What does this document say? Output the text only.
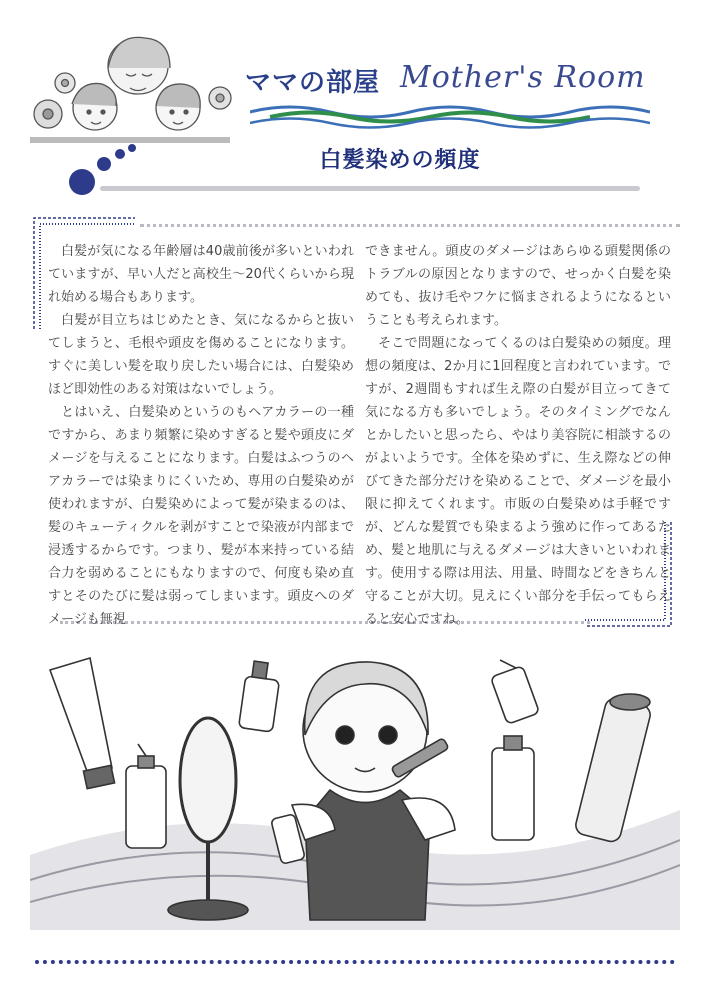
ママの部屋 Mother's Room
白髪染めの頻度

白髪が気になる年齢層は40歳前後が多いといわれていますが、早い人だと高校生～20代くらいから現れ始める場合もあります。

白髪が目立ちはじめたとき、気になるからと抜いてしまうと、毛根や頭皮を傷めることになります。すぐに美しい髪を取り戻したい場合には、白髪染めほど即効性のある対策はないでしょう。

とはいえ、白髪染めというのもヘアカラーの一種ですから、あまり頻繁に染めすぎると髪や頭皮にダメージを与えることになります。白髪はふつうのヘアカラーでは染まりにくいため、専用の白髪染めが使われますが、白髪染めによって髪が染まるのは、髪のキューティクルを剥がすことで染液が内部まで浸透するからです。つまり、髪が本来持っている結合力を弱めることにもなりますので、何度も染め直すとそのたびに髪は弱ってしまいます。頭皮へのダメージも無視

できません。頭皮のダメージはあらゆる頭髪関係のトラブルの原因となりますので、せっかく白髪を染めても、抜け毛やフケに悩まされるようになるということも考えられます。

そこで問題になってくるのは白髪染めの頻度。理想の頻度は、2か月に1回程度と言われています。ですが、2週間もすれば生え際の白髪が目立ってきて気になる方も多いでしょう。そのタイミングでなんとかしたいと思ったら、やはり美容院に相談するのがよいようです。全体を染めずに、生え際などの伸びてきた部分だけを染めることで、ダメージを最小限に抑えてくれます。市販の白髪染めは手軽ですが、どんな髪質でも染まるよう強めに作ってあるため、髪と地肌に与えるダメージは大きいといわれます。使用する際は用法、用量、時間などをきちんと守ることが大切。見えにくい部分を手伝ってもらえると安心ですね。
